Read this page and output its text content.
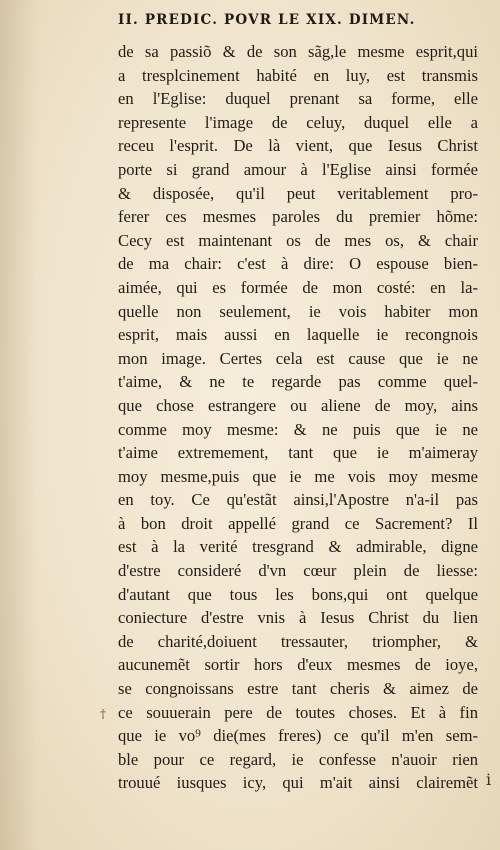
II. PREDIC. POVR LE XIX. DIMEN.
de sa passiõ & de son sãg,le mesme esprit,qui
a tresplcinement habité en luy, est transmis
en l'Eglise: duquel prenant sa forme, elle
represente l'image de celuy, duquel elle a
receu l'esprit. De là vient, que Iesus Christ
porte si grand amour à l'Eglise ainsi formée
& disposée, qu'il peut veritablement pro-
ferer ces mesmes paroles du premier hõme:
Cecy est maintenant os de mes os, & chair
de ma chair: c'est à dire: O espouse bien-
aimée, qui es formée de mon costé: en la-
quelle non seulement, ie vois habiter mon
esprit, mais aussi en laquelle ie recongnois
mon image. Certes cela est cause que ie ne
t'aime, & ne te regarde pas comme quel-
que chose estrangere ou aliene de moy, ains
comme moy mesme: & ne puis que ie ne
t'aime extremement, tant que ie m'aimeray
moy mesme,puis que ie me vois moy mesme
en toy. Ce qu'estãt ainsi,l'Apostre n'a-il pas
à bon droit appellé grand ce Sacrement? Il
est à la verité tresgrand & admirable, digne
d'estre consideré d'vn cœur plein de liesse:
d'autant que tous les bons,qui ont quelque
coniecture d'estre vnis à Iesus Christ du lien
de charité,doiuent tressauter, triompher, &
aucunemẽt sortir hors d'eux mesmes de ioye,
se congnoissans estre tant cheris & aimez de
ce souuerain pere de toutes choses. Et à fin
que ie vo⁹ die(mes freres) ce qu'il m'en sem-
ble pour ce regard, ie confesse n'auoir rien
trouué iusques icy, qui m'ait ainsi clairemẽt
†
ⅰ
